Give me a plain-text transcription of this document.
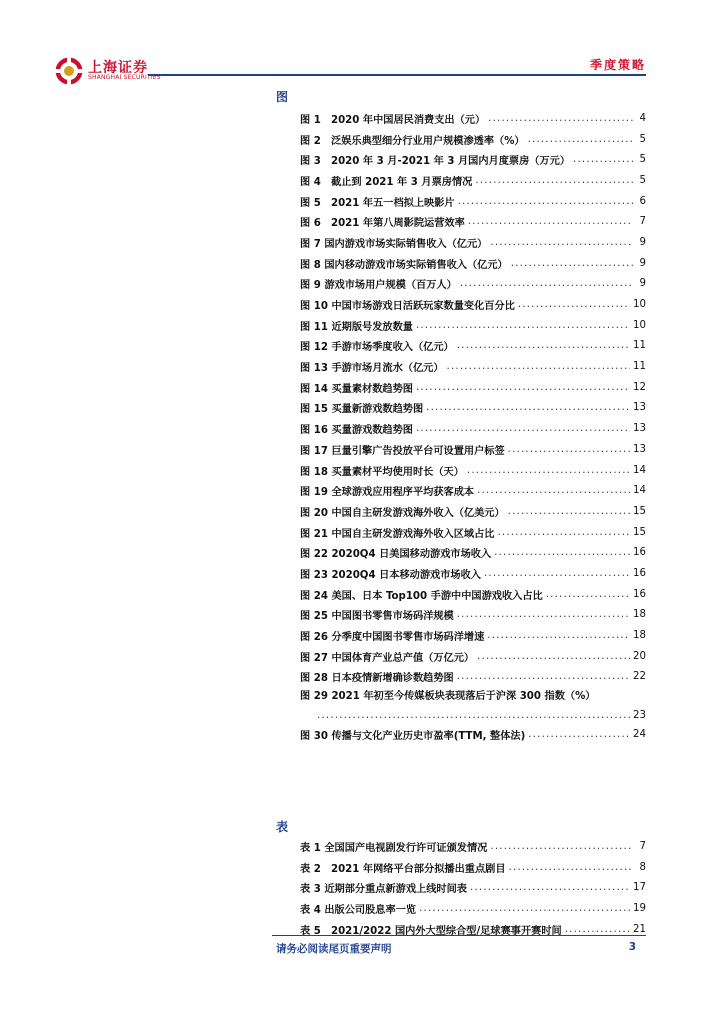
上海证券
SHANGHAI SECURITIES
季度策略
图
图 1　2020 年中国居民消费支出（元） .....	4
图 2　泛娱乐典型细分行业用户规模渗透率（%） .....	5
图 3　2020 年 3 月-2021 年 3 月国内月度票房（万元） .....	5
图 4　截止到 2021 年 3 月票房情况 .....	5
图 5　2021 年五一档拟上映影片 .....	6
图 6　2021 年第八周影院运营效率 .....	7
图 7 国内游戏市场实际销售收入（亿元） .....	9
图 8 国内移动游戏市场实际销售收入（亿元） .....	9
图 9 游戏市场用户规模（百万人） .....	9
图 10 中国市场游戏日活跃玩家数量变化百分比 .....	10
图 11 近期版号发放数量 .....	10
图 12 手游市场季度收入（亿元） .....	11
图 13 手游市场月流水（亿元） .....	11
图 14 买量素材数趋势图 .....	12
图 15 买量新游戏数趋势图 .....	13
图 16 买量游戏数趋势图 .....	13
图 17 巨量引擎广告投放平台可设置用户标签 .....	13
图 18 买量素材平均使用时长（天） .....	14
图 19 全球游戏应用程序平均获客成本 .....	14
图 20 中国自主研发游戏海外收入（亿美元） .....	15
图 21 中国自主研发游戏海外收入区域占比 .....	15
图 22 2020Q4 日美国移动游戏市场收入 .....	16
图 23 2020Q4 日本移动游戏市场收入 .....	16
图 24 美国、日本 Top100 手游中中国游戏收入占比 .....	16
图 25 中国图书零售市场码洋规模 .....	18
图 26 分季度中国图书零售市场码洋增速 .....	18
图 27 中国体育产业总产值（万亿元） .....	20
图 28 日本疫情新增确诊数趋势图 .....	22
图 29 2021 年初至今传媒板块表现落后于沪深 300 指数（%）
.....
23
图 30 传播与文化产业历史市盈率(TTM, 整体法) .....	24
表
表 1 全国国产电视剧发行许可证颁发情况 .....	7
表 2　2021 年网络平台部分拟播出重点剧目 .....	8
表 3 近期部分重点新游戏上线时间表 .....	17
表 4 出版公司股息率一览 .....	19
表 5　2021/2022 国内外大型综合型/足球赛事开赛时间 .....	21
请务必阅读尾页重要声明	3
